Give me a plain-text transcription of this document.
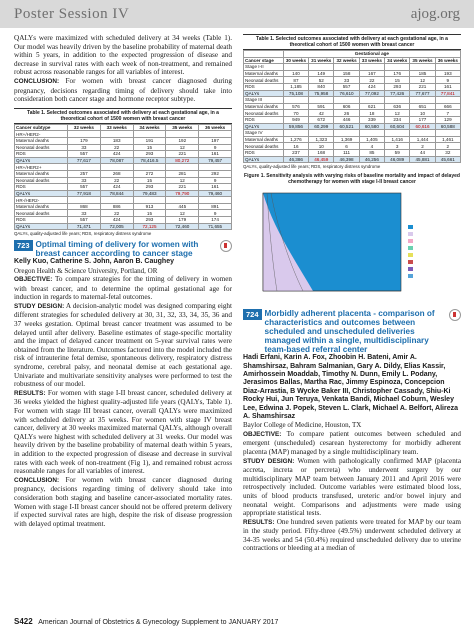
Poster Session IV	ajog.org

QALYs were maximized with scheduled delivery at 34 weeks (Table 1). Our model was heavily driven by the baseline probability of maternal death within 5 years, in addition to the expected progression of disease and decrease in survival rates with each week of non-treatment, and remained robust across reasonable ranges for all variables of interest.

CONCLUSION: For women with breast cancer diagnosed during pregnancy, decisions regarding timing of delivery should take into consideration both cancer stage and hormone receptor subtype.

Table 1. Selected outcomes associated with delivery at each gestational age, in a theoretical cohort of 1500 women with breast cancer
Cancer subtype	32 weeks	33 weeks	34 weeks	35 weeks	36 weeks
HR+/HER2-					
Maternal deaths	179	183	191	192	197
Neonatal deaths	33	22	15	12	9
RDS	557	424	293	221	161
QALYs	77,617	78,087	78,416.5	80,272	79,457
HR+/HER2+					
Maternal deaths	257	268	272	281	292
Neonatal deaths	33	22	15	12	9
RDS	557	424	293	221	161
QALYs	77,918	78,844	79,483	79,790	79,460
HR-/HER2-					
Maternal deaths	868	886	913	445	891
Neonatal deaths	33	22	15	12	9
RDS	557	424	293	179	174
QALYs	71,471	72,005	72,125	72,460	71,655
QALYs, quality-adjusted life years; RDS, respiratory distress syndrome
723 Optimal timing of delivery for women with breast cancer according to cancer stage
Kelly Kuo, Catherine S. John, Aaron B. Caughey
Oregon Health & Science University, Portland, OR

OBJECTIVE: To compare strategies for the timing of delivery in women with breast cancer, and to determine the optimal gestational age for induction in regards to maternal-fetal outcomes.

STUDY DESIGN: A decision-analytic model was designed comparing eight different strategies for scheduled delivery at 30, 31, 32, 33, 34, 35, 36 and 37 weeks gestation. Optimal breast cancer treatment was assumed to be delayed until after delivery. Baseline estimates of stage-specific mortality and the impact of delayed cancer treatment on 5-year survival rates were obtained from the literature. Outcomes factored into the model included the risk of intrauterine fetal demise, spontaneous delivery, respiratory distress syndrome, cerebral palsy, and neonatal demise at each gestational age. Univariate and multivariate sensitivity analyses were performed to test the robustness of our model.

RESULTS: For women with stage I-II breast cancer, scheduled delivery at 36 weeks yielded the highest quality-adjusted life years (QALYs, Table 1). For women with stage III breast cancer, overall QALYs were maximized with scheduled delivery at 35 weeks. For women with stage IV breast cancer, delivery at 30 weeks maximized maternal QALYs, although overall QALYs were highest with scheduled delivery at 31 weeks. Our model was heavily driven by the baseline probability of maternal death within 5 years, in addition to the expected progression of disease and decrease in survival rates with each week of non-treatment (Fig 1), and remained robust across reasonable ranges for all variables of interest.

CONCLUSION: For women with breast cancer diagnosed during pregnancy, decisions regarding timing of delivery should take into consideration both staging and baseline cancer-associated mortality rates. Women with stage I-II breast cancer should not be offered preterm delivery if expected survival rates are high, despite the risk of disease progression with delayed optimal treatment.

Table 1. Selected outcomes associated with delivery at each gestational age, in a theoretical cohort of 1500 women with breast cancer
	Gestational age						
Cancer stage	30 weeks	31 weeks	32 weeks	33 weeks	34 weeks	35 weeks	36 weeks
Stage I-II							
Maternal deaths	140	149	158	167	176	185	193
Neonatal deaths	87	52	33	22	15	12	9
RDS	1,185	840	557	424	293	221	161
QALYs	75,108	75,958	76,610	77,092	77,426	77,677	77,841
Stage III							
Maternal deaths	576	591	606	621	636	651	666
Neonatal deaths	70	42	26	18	12	10	7
RDS	949	672	446	339	234	177	129
QALYs	59,856	60,299	60,521	60,580	60,604	60,616	60,588
Stage IV							
Maternal deaths	1,276	1,323	1,369	1,405	1,416	1,444	1,461
Neonatal deaths	16	10	6	4	3	2	2
RDS	237	168	111	85	59	44	32
QALYs	46,386	46,459	46,398	46,256	46,089	45,881	45,661
QALYs, quality-adjusted life years; RDS, respiratory distress syndrome
Figure 1. Sensitivity analysis with varying risks of baseline mortality and impact of delayed chemotherapy for women with stage I-II breast cancer
724 Morbidly adherent placenta - comparison of characteristics and outcomes between scheduled and unscheduled deliveries managed within a single, multidisciplinary team-based referral center
Hadi Erfani, Karin A. Fox, Zhoobin H. Bateni, Amir A. Shamshirsaz, Bahram Salmanian, Gary A. Dildy, Elias Kassir, Amirhossein Moaddab, Timothy N. Dunn, Emily L. Podany, Jerasimos Ballas, Martha Rac, Jimmy Espinoza, Concepcion Diaz-Arrastia, B Wycke Baker III, Christopher Cassady, Shiu-Ki Rocky Hui, Jun Teruya, Venkata Bandi, Michael Coburn, Wesley Lee, Edwina J. Popek, Steven L. Clark, Michael A. Belfort, Alireza A. Shamshirsaz
Baylor College of Medicine, Houston, TX

OBJECTIVE: To compare patient outcomes between scheduled and emergent (unscheduled) cesarean hysterectomy for morbidly adherent placenta (MAP) managed by a single multidisciplinary team.

STUDY DESIGN: Women with pathologically confirmed MAP (placenta accreta, increta or percreta) who underwent surgery by our multidisciplinary MAP team between January 2011 and April 2016 were retrospectively included. Outcome variables were estimated blood loss, units of blood products transfused, ureteric and/or bowel injury and neonatal weight. Comparisons and adjustments were made using appropriate statistical tests.

RESULTS: One hundred seven patients were treated for MAP by our team in the study period. Fifty-three (49.5%) underwent scheduled delivery at 34-35 weeks and 54 (50.4%) required unscheduled delivery due to uterine contractions or bleeding at a median of

S422 American Journal of Obstetrics & Gynecology Supplement to JANUARY 2017
